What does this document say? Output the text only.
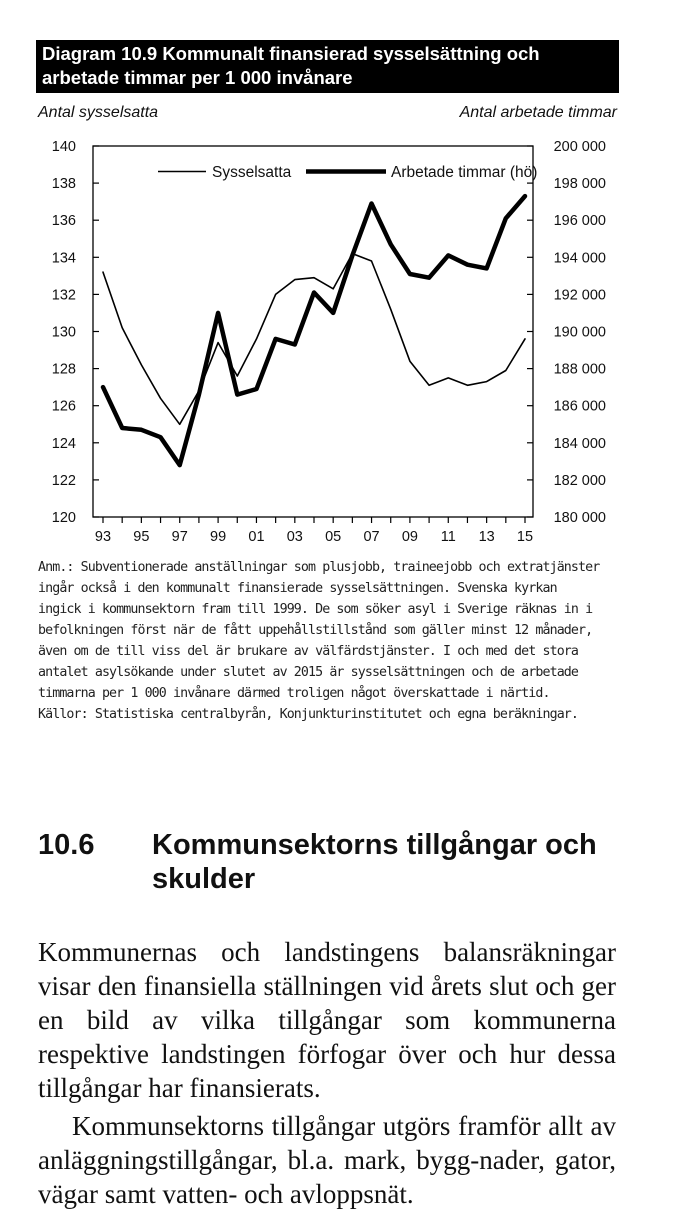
Diagram 10.9 Kommunalt finansierad sysselsättning och arbetade timmar per 1 000 invånare
Antal sysselsatta	Antal arbetade timmar
120
122
124
126
128
130
132
134
136
138
140
180 000
182 000
184 000
186 000
188 000
190 000
192 000
194 000
196 000
198 000
200 000
93 95 97 99 01 03 05 07 09 11 13 15
Sysselsatta	Arbetade timmar (hö)

Anm.: Subventionerade anställningar som plusjobb, traineejobb och extratjänster

ingår också i den kommunalt finansierade sysselsättningen. Svenska kyrkan

ingick i kommunsektorn fram till 1999. De som söker asyl i Sverige räknas in i

befolkningen först när de fått uppehållstillstånd som gäller minst 12 månader,

även om de till viss del är brukare av välfärdstjänster. I och med det stora

antalet asylsökande under slutet av 2015 är sysselsättningen och de arbetade

timmarna per 1 000 invånare därmed troligen något överskattade i närtid.

Källor: Statistiska centralbyrån, Konjunkturinstitutet och egna beräkningar.

10.6 Kommunsektorns tillgångar och skulder

Kommunernas och landstingens balansräkningar visar den finansiella ställningen vid årets slut och ger en bild av vilka tillgångar som kommunerna respektive landstingen förfogar över och hur dessa tillgångar har finansierats.

Kommunsektorns tillgångar utgörs framför allt av anläggningstillgångar, bl.a. mark, bygg-nader, gator, vägar samt vatten- och avloppsnät.
